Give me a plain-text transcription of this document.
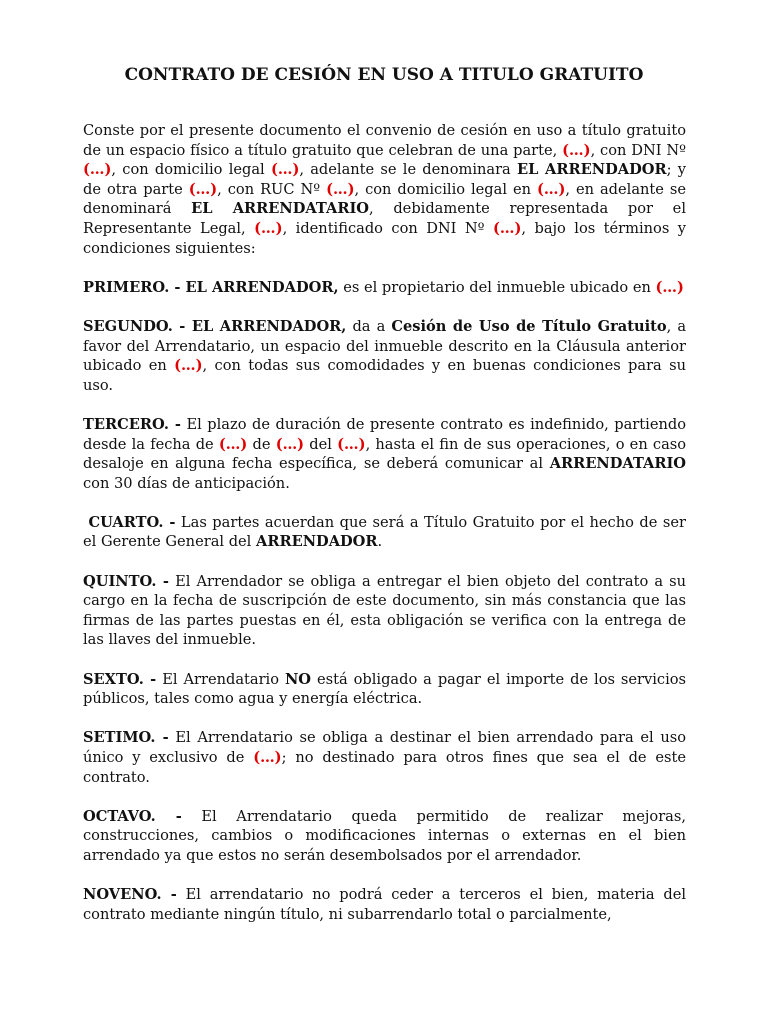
CONTRATO DE CESIÓN EN USO A TITULO GRATUITO

Conste por el presente documento el convenio de cesión en uso a título gratuito de un espacio físico a título gratuito que celebran de una parte, (…), con DNI Nº (…), con domicilio legal (…), adelante se le denominara EL ARRENDADOR; y de otra parte (…), con RUC Nº (…), con domicilio legal en (…), en adelante se denominará EL ARRENDATARIO, debidamente representada por el Representante Legal, (…), identificado con DNI Nº (…), bajo los términos y condiciones siguientes:

PRIMERO. - EL ARRENDADOR, es el propietario del inmueble ubicado en (…)

SEGUNDO. - EL ARRENDADOR, da a Cesión de Uso de Título Gratuito, a favor del Arrendatario, un espacio del inmueble descrito en la Cláusula anterior ubicado en (…), con todas sus comodidades y en buenas condiciones para su uso.

TERCERO. - El plazo de duración de presente contrato es indefinido, partiendo desde la fecha de (…) de (…) del (…), hasta el fin de sus operaciones, o en caso desaloje en alguna fecha específica, se deberá comunicar al ARRENDATARIO con 30 días de anticipación.

CUARTO. - Las partes acuerdan que será a Título Gratuito por el hecho de ser el Gerente General del ARRENDADOR.

QUINTO. - El Arrendador se obliga a entregar el bien objeto del contrato a su cargo en la fecha de suscripción de este documento, sin más constancia que las firmas de las partes puestas en él, esta obligación se verifica con la entrega de las llaves del inmueble.

SEXTO. - El Arrendatario NO está obligado a pagar el importe de los servicios públicos, tales como agua y energía eléctrica.

SETIMO. - El Arrendatario se obliga a destinar el bien arrendado para el uso único y exclusivo de (…); no destinado para otros fines que sea el de este contrato.

OCTAVO. - El Arrendatario queda permitido de realizar mejoras, construcciones, cambios o modificaciones internas o externas en el bien arrendado ya que estos no serán desembolsados por el arrendador.

NOVENO. - El arrendatario no podrá ceder a terceros el bien, materia del contrato mediante ningún título, ni subarrendarlo total o parcialmente,
